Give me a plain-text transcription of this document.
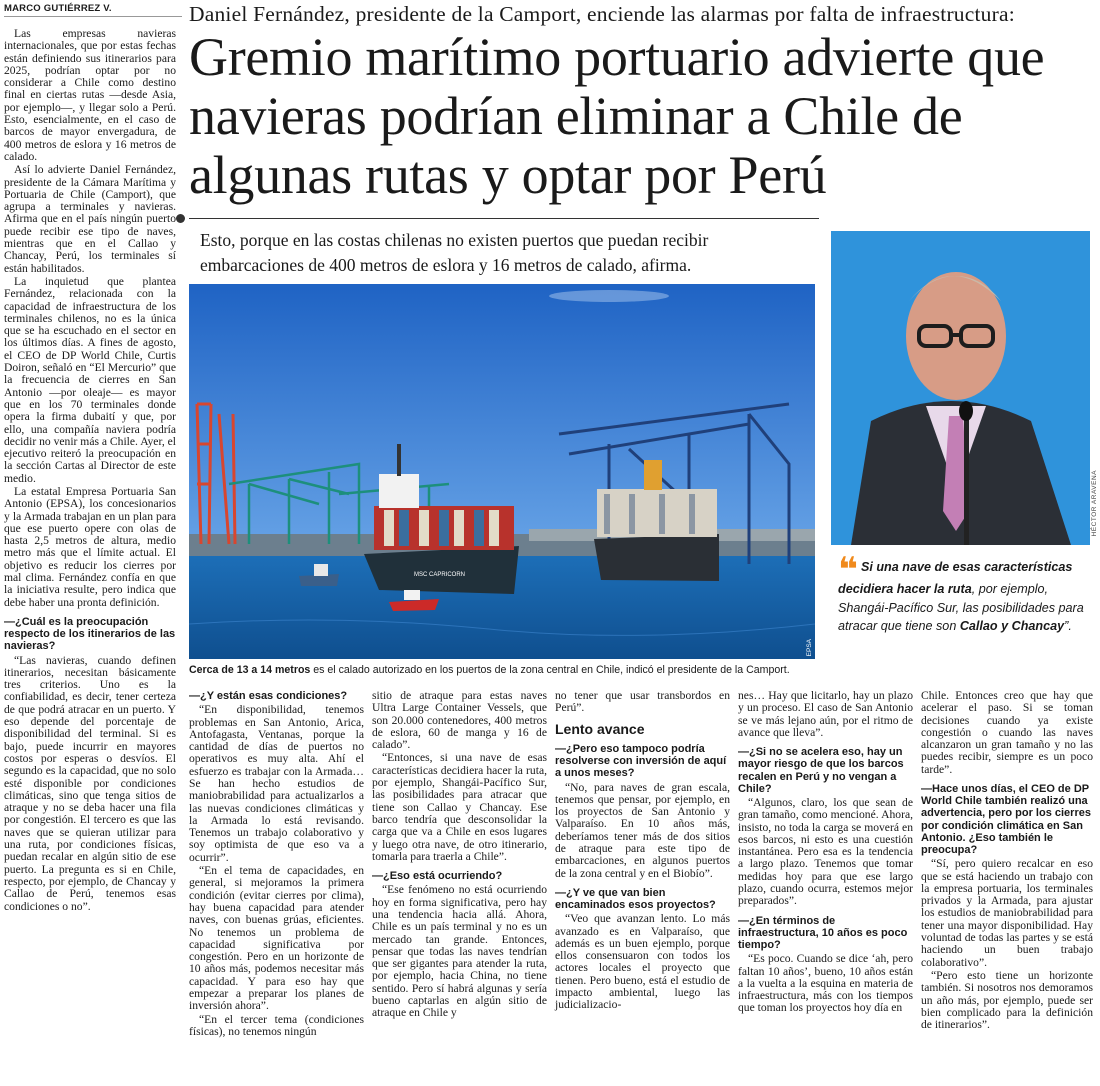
MARCO GUTIÉRREZ V.

Las empresas navieras internacionales, que por estas fechas están definiendo sus itinerarios para 2025, podrían optar por no considerar a Chile como destino final en ciertas rutas —desde Asia, por ejemplo—, y llegar solo a Perú. Esto, esencialmente, en el caso de barcos de mayor envergadura, de 400 metros de eslora y 16 metros de calado.

Así lo advierte Daniel Fernández, presidente de la Cámara Marítima y Portuaria de Chile (Camport), que agrupa a terminales y navieras. Afirma que en el país ningún puerto puede recibir ese tipo de naves, mientras que en el Callao y Chancay, Perú, los terminales sí están habilitados.

La inquietud que plantea Fernández, relacionada con la capacidad de infraestructura de los terminales chilenos, no es la única que se ha escuchado en el sector en los últimos días. A fines de agosto, el CEO de DP World Chile, Curtis Doiron, señaló en “El Mercurio” que la frecuencia de cierres en San Antonio —por oleaje— es mayor que en los 70 terminales donde opera la firma dubaití y que, por ello, una compañía naviera podría decidir no venir más a Chile. Ayer, el ejecutivo reiteró la preocupación en la sección Cartas al Director de este medio.

La estatal Empresa Portuaria San Antonio (EPSA), los concesionarios y la Armada trabajan en un plan para que ese puerto opere con olas de hasta 2,5 metros de altura, medio metro más que el límite actual. El objetivo es reducir los cierres por mal clima. Fernández confía en que la iniciativa resulte, pero indica que debe haber una pronta definición.

—¿Cuál es la preocupación respecto de los itinerarios de las navieras?

“Las navieras, cuando definen itinerarios, necesitan básicamente tres criterios. Uno es la confiabilidad, es decir, tener certeza de que podrá atracar en un puerto. Y eso depende del porcentaje de disponibilidad del terminal. Si es bajo, puede incurrir en mayores costos por esperas o desvíos. El segundo es la capacidad, que no solo esté disponible por condiciones climáticas, sino que tenga sitios de atraque y no se deba hacer una fila por congestión. El tercero es que las naves que se quieran utilizar para una ruta, por condiciones físicas, puedan recalar en algún sitio de ese puerto. La pregunta es si en Chile, respecto, por ejemplo, de Chancay y Callao de Perú, tenemos esas condiciones o no”.

Daniel Fernández, presidente de la Camport, enciende las alarmas por falta de infraestructura:
Gremio marítimo portuario advierte que navieras podrían eliminar a Chile de algunas rutas y optar por Perú
Esto, porque en las costas chilenas no existen puertos que puedan recibir embarcaciones de 400 metros de eslora y 16 metros de calado, afirma.
MSC CAPRICORN
EPSA
Cerca de 13 a 14 metros es el calado autorizado en los puertos de la zona central en Chile, indicó el presidente de la Camport.
HÉCTOR ARAVENA
❝ Si una nave de esas características decidiera hacer la ruta, por ejemplo, Shangái-Pacífico Sur, las posibilidades para atracar que tiene son Callao y Chancay”.

—¿Y están esas condiciones?

“En disponibilidad, tenemos problemas en San Antonio, Arica, Antofagasta, Ventanas, porque la cantidad de días de puertos no operativos es muy alta. Ahí el esfuerzo es trabajar con la Armada… Se han hecho estudios de maniobrabilidad para actualizarlos a las nuevas condiciones climáticas y la Armada lo está revisando. Tenemos un trabajo colaborativo y soy optimista de que eso va a ocurrir”.

“En el tema de capacidades, en general, si mejoramos la primera condición (evitar cierres por clima), hay buena capacidad para atender naves, con buenas grúas, eficientes. No tenemos un problema de capacidad significativa por congestión. Pero en un horizonte de 10 años más, podemos necesitar más capacidad. Y para eso hay que empezar a preparar los planes de inversión ahora”.

“En el tercer tema (condiciones físicas), no tenemos ningún

sitio de atraque para estas naves Ultra Large Container Vessels, que son 20.000 contenedores, 400 metros de eslora, 60 de manga y 16 de calado”.

“Entonces, si una nave de esas características decidiera hacer la ruta, por ejemplo, Shangái-Pacífico Sur, las posibilidades para atracar que tiene son Callao y Chancay. Ese barco tendría que desconsolidar la carga que va a Chile en esos lugares y luego otra nave, de otro itinerario, tomarla para traerla a Chile”.

—¿Eso está ocurriendo?

“Ese fenómeno no está ocurriendo hoy en forma significativa, pero hay una tendencia hacia allá. Ahora, Chile es un país terminal y no es un mercado tan grande. Entonces, pensar que todas las naves tendrían que ser gigantes para atender la ruta, por ejemplo, hacia China, no tiene sentido. Pero sí habrá algunas y sería bueno captarlas en algún sitio de atraque en Chile y

no tener que usar transbordos en Perú”.

Lento avance

—¿Pero eso tampoco podría resolverse con inversión de aquí a unos meses?

“No, para naves de gran escala, tenemos que pensar, por ejemplo, en los proyectos de San Antonio y Valparaíso. En 10 años más, deberíamos tener más de dos sitios de atraque para este tipo de embarcaciones, en algunos puertos de la zona central y en el Biobío”.

—¿Y ve que van bien encaminados esos proyectos?

“Veo que avanzan lento. Lo más avanzado es en Valparaíso, que además es un buen ejemplo, porque ellos consensuaron con todos los actores locales el proyecto que tienen. Pero bueno, está el estudio de impacto ambiental, luego las judicializacio-

nes… Hay que licitarlo, hay un plazo y un proceso. El caso de San Antonio se ve más lejano aún, por el ritmo de avance que lleva”.

—¿Si no se acelera eso, hay un mayor riesgo de que los barcos recalen en Perú y no vengan a Chile?

“Algunos, claro, los que sean de gran tamaño, como mencioné. Ahora, insisto, no toda la carga se moverá en esos barcos, ni esto es una cuestión instantánea. Pero esa es la tendencia a largo plazo. Tenemos que tomar medidas hoy para que ese largo plazo, cuando ocurra, estemos mejor preparados”.

—¿En términos de infraestructura, 10 años es poco tiempo?

“Es poco. Cuando se dice ‘ah, pero faltan 10 años’, bueno, 10 años están a la vuelta a la esquina en materia de infraestructura, más con los tiempos que toman los proyectos hoy día en

Chile. Entonces creo que hay que acelerar el paso. Si se toman decisiones cuando ya existe congestión o cuando las naves alcanzaron un gran tamaño y no las puedes recibir, siempre es un poco tarde”.

—Hace unos días, el CEO de DP World Chile también realizó una advertencia, pero por los cierres por condición climática en San Antonio. ¿Eso también le preocupa?

“Sí, pero quiero recalcar en eso que se está haciendo un trabajo con la empresa portuaria, los terminales privados y la Armada, para ajustar los estudios de maniobrabilidad para tener una mayor disponibilidad. Hay voluntad de todas las partes y se está haciendo un buen trabajo colaborativo”.

“Pero esto tiene un horizonte también. Si nosotros nos demoramos un año más, por ejemplo, puede ser bien complicado para la definición de itinerarios”.
